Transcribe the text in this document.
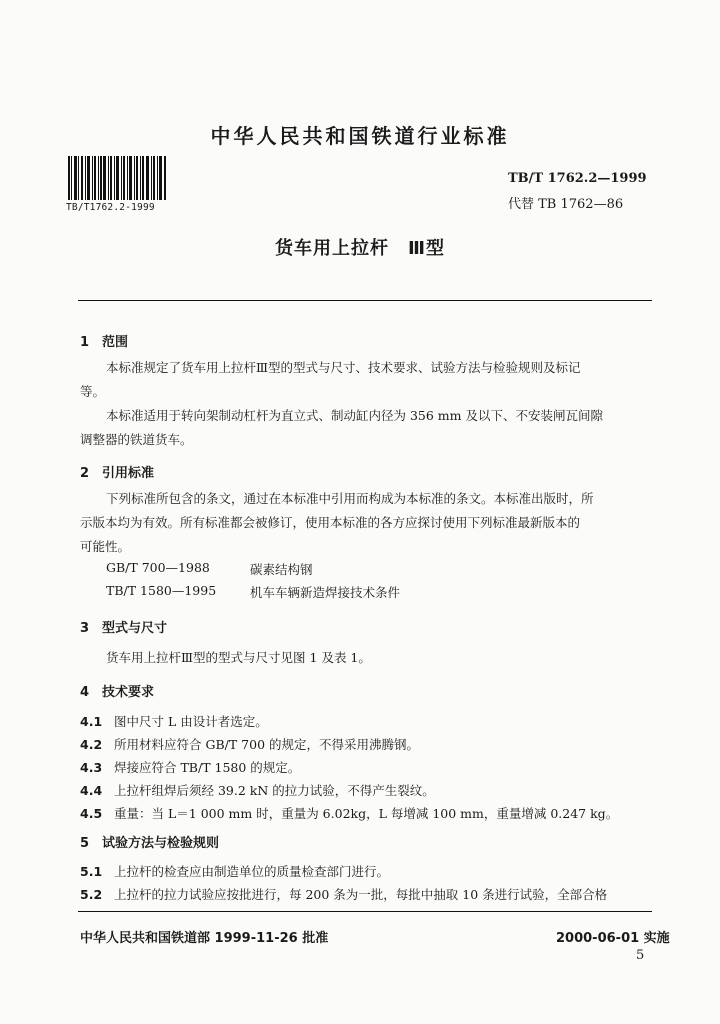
中华人民共和国铁道行业标准
TB/T1762.2-1999
TB/T 1762.2—1999
代替 TB 1762—86
货车用上拉杆　Ⅲ型
1 范围
本标准规定了货车用上拉杆Ⅲ型的型式与尺寸、技术要求、试验方法与检验规则及标记
等。
本标准适用于转向架制动杠杆为直立式、制动缸内径为 356 mm 及以下、不安装闸瓦间隙
调整器的铁道货车。
2 引用标准
下列标准所包含的条文，通过在本标准中引用而构成为本标准的条文。本标准出版时，所
示版本均为有效。所有标准都会被修订，使用本标准的各方应探讨使用下列标准最新版本的
可能性。
GB/T 700—1988	碳素结构钢
TB/T 1580—1995	机车车辆新造焊接技术条件
3 型式与尺寸
货车用上拉杆Ⅲ型的型式与尺寸见图 1 及表 1。
4 技术要求
4.1 图中尺寸 L 由设计者选定。
4.2 所用材料应符合 GB/T 700 的规定，不得采用沸腾钢。
4.3 焊接应符合 TB/T 1580 的规定。
4.4 上拉杆组焊后须经 39.2 kN 的拉力试验，不得产生裂纹。
4.5 重量：当 L＝1 000 mm 时，重量为 6.02kg，L 每增减 100 mm，重量增减 0.247 kg。
5 试验方法与检验规则
5.1 上拉杆的检查应由制造单位的质量检查部门进行。
5.2 上拉杆的拉力试验应按批进行，每 200 条为一批，每批中抽取 10 条进行试验，全部合格
中华人民共和国铁道部 1999-11-26 批准	2000-06-01 实施
5
